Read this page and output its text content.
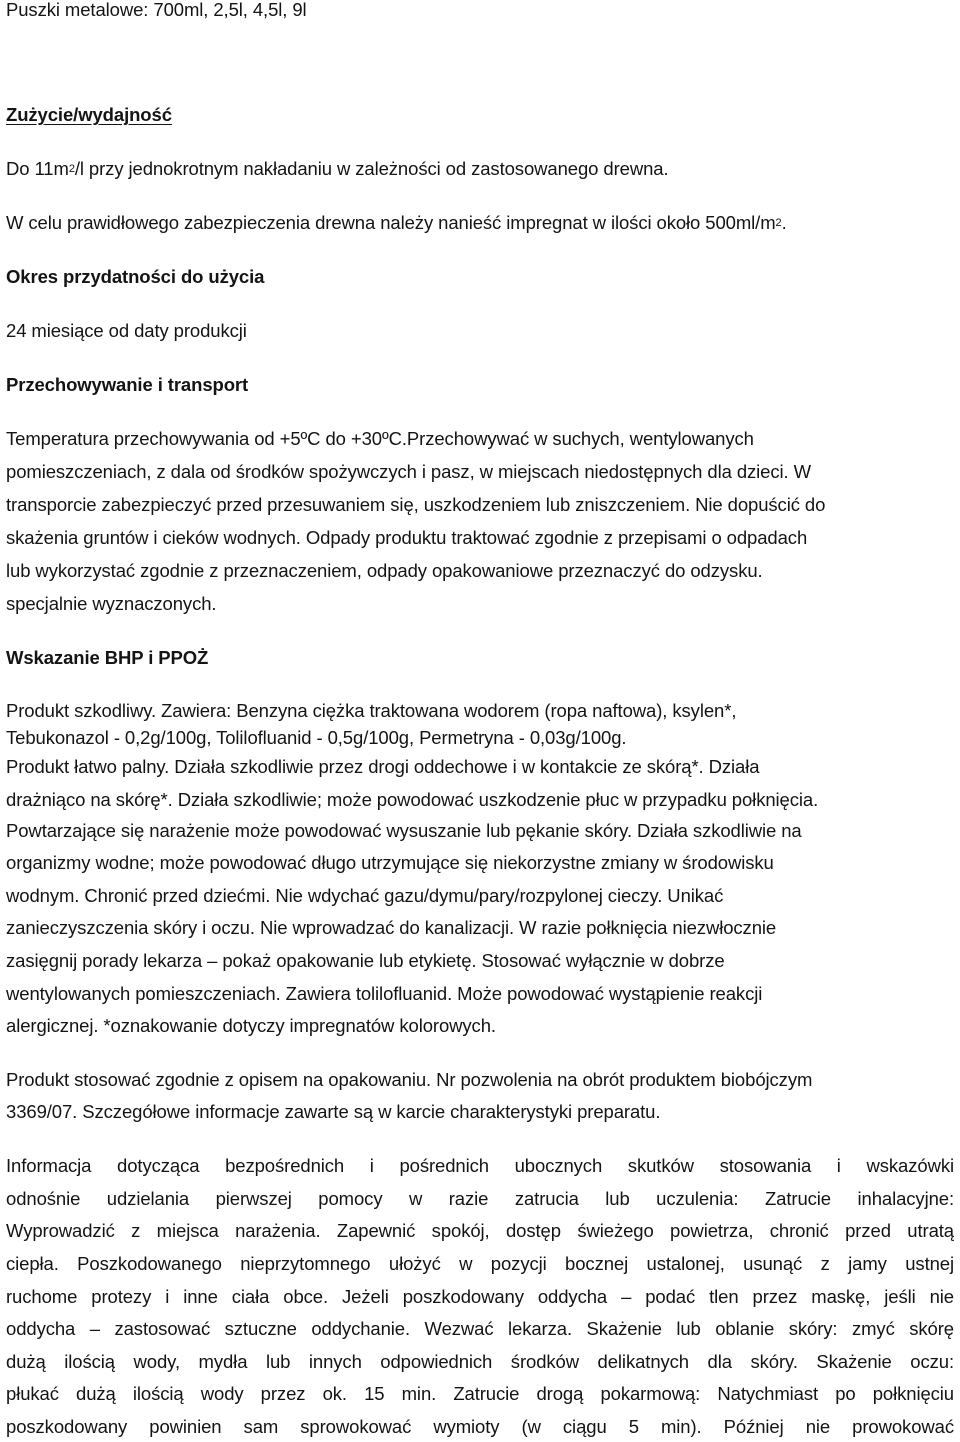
Puszki metalowe: 700ml, 2,5l, 4,5l, 9l
Zużycie/wydajność
Do $11m^2/l$ przy jednokrotnym nakładaniu w zależności od zastosowanego drewna.
W celu prawidłowego zabezpieczenia drewna należy nanieść impregnat w ilości około $500ml/m^2$.
Okres przydatności do użycia
24 miesiące od daty produkcji
Przechowywanie i transport
Temperatura przechowywania od +5ºC do +30ºC.Przechowywać w suchych, wentylowanych
pomieszczeniach, z dala od środków spożywczych i pasz, w miejscach niedostępnych dla dzieci. W
transporcie zabezpieczyć przed przesuwaniem się, uszkodzeniem lub zniszczeniem. Nie dopuścić do
skażenia gruntów i cieków wodnych. Odpady produktu traktować zgodnie z przepisami o odpadach
lub wykorzystać zgodnie z przeznaczeniem, odpady opakowaniowe przeznaczyć do odzysku.
specjalnie wyznaczonych.
Wskazanie BHP i PPOŻ
Produkt szkodliwy. Zawiera: Benzyna ciężka traktowana wodorem (ropa naftowa), ksylen*,
Tebukonazol - 0,2g/100g, Tolilofluanid - 0,5g/100g, Permetryna - 0,03g/100g.
Produkt łatwo palny. Działa szkodliwie przez drogi oddechowe i w kontakcie ze skórą*. Działa
drażniąco na skórę*. Działa szkodliwie; może powodować uszkodzenie płuc w przypadku połknięcia.
Powtarzające się narażenie może powodować wysuszanie lub pękanie skóry. Działa szkodliwie na
organizmy wodne; może powodować długo utrzymujące się niekorzystne zmiany w środowisku
wodnym. Chronić przed dziećmi. Nie wdychać gazu/dymu/pary/rozpylonej cieczy. Unikać
zanieczyszczenia skóry i oczu. Nie wprowadzać do kanalizacji. W razie połknięcia niezwłocznie
zasięgnij porady lekarza – pokaż opakowanie lub etykietę. Stosować wyłącznie w dobrze
wentylowanych pomieszczeniach. Zawiera tolilofluanid. Może powodować wystąpienie reakcji
alergicznej. *oznakowanie dotyczy impregnatów kolorowych.
Produkt stosować zgodnie z opisem na opakowaniu. Nr pozwolenia na obrót produktem biobójczym
3369/07. Szczegółowe informacje zawarte są w karcie charakterystyki preparatu.
Informacja dotycząca bezpośrednich i pośrednich ubocznych skutków stosowania i wskazówki
odnośnie udzielania pierwszej pomocy w razie zatrucia lub uczulenia: Zatrucie inhalacyjne:
Wyprowadzić z miejsca narażenia. Zapewnić spokój, dostęp świeżego powietrza, chronić przed utratą
ciepła. Poszkodowanego nieprzytomnego ułożyć w pozycji bocznej ustalonej, usunąć z jamy ustnej
ruchome protezy i inne ciała obce. Jeżeli poszkodowany oddycha – podać tlen przez maskę, jeśli nie
oddycha – zastosować sztuczne oddychanie. Wezwać lekarza. Skażenie lub oblanie skóry: zmyć skórę
dużą ilością wody, mydła lub innych odpowiednich środków delikatnych dla skóry. Skażenie oczu:
płukać dużą ilością wody przez ok. 15 min. Zatrucie drogą pokarmową: Natychmiast po połknięciu
poszkodowany powinien sam sprowokować wymioty (w ciągu 5 min). Później nie prowokować
